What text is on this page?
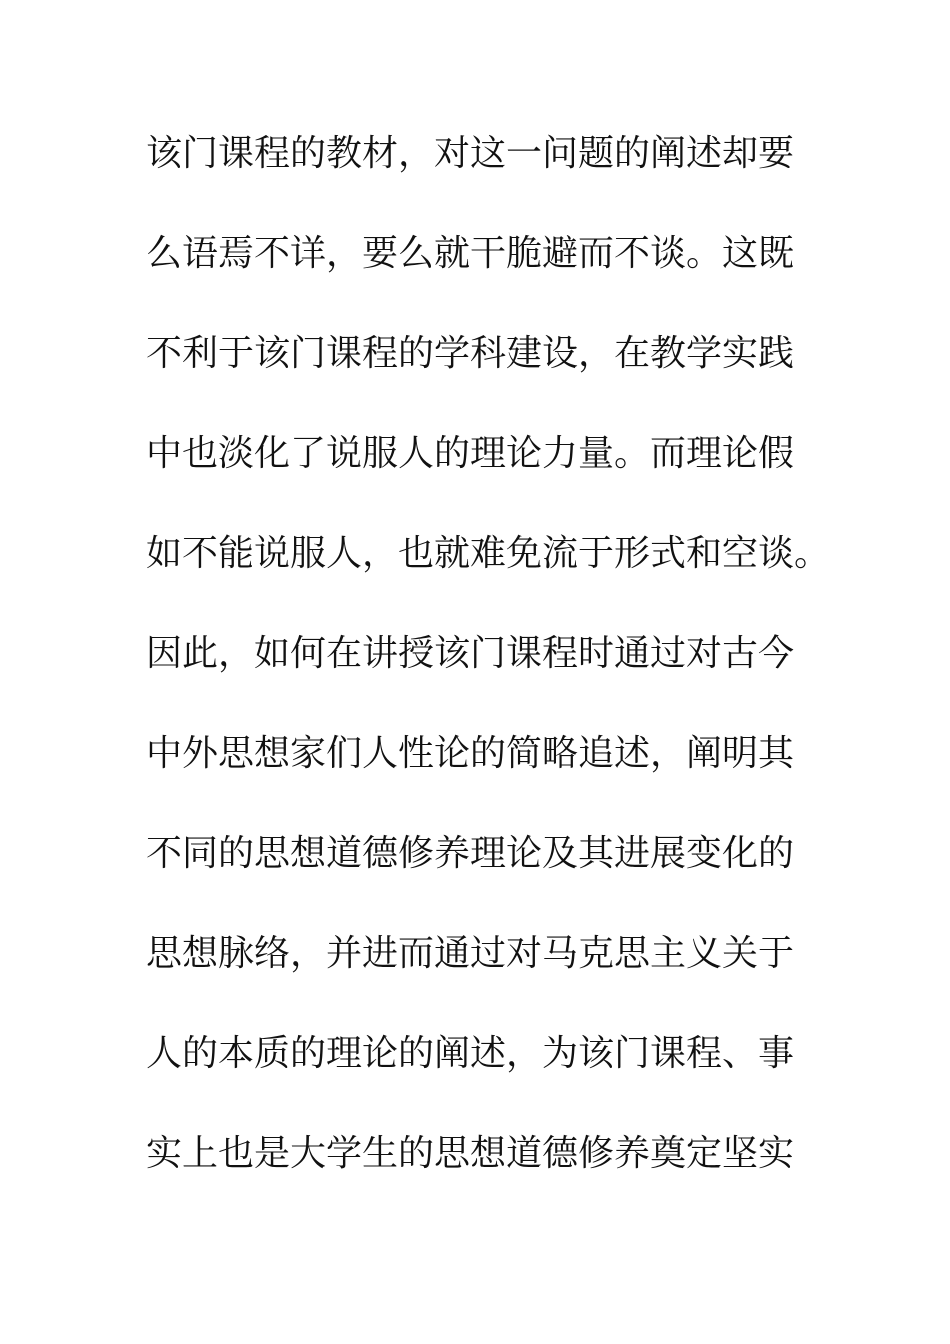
该门课程的教材，对这一问题的阐述却要
么语焉不详，要么就干脆避而不谈。这既
不利于该门课程的学科建设，在教学实践
中也淡化了说服人的理论力量。而理论假
如不能说服人，也就难免流于形式和空谈。
因此，如何在讲授该门课程时通过对古今
中外思想家们人性论的简略追述，阐明其
不同的思想道德修养理论及其进展变化的
思想脉络，并进而通过对马克思主义关于
人的本质的理论的阐述，为该门课程、事
实上也是大学生的思想道德修养奠定坚实
